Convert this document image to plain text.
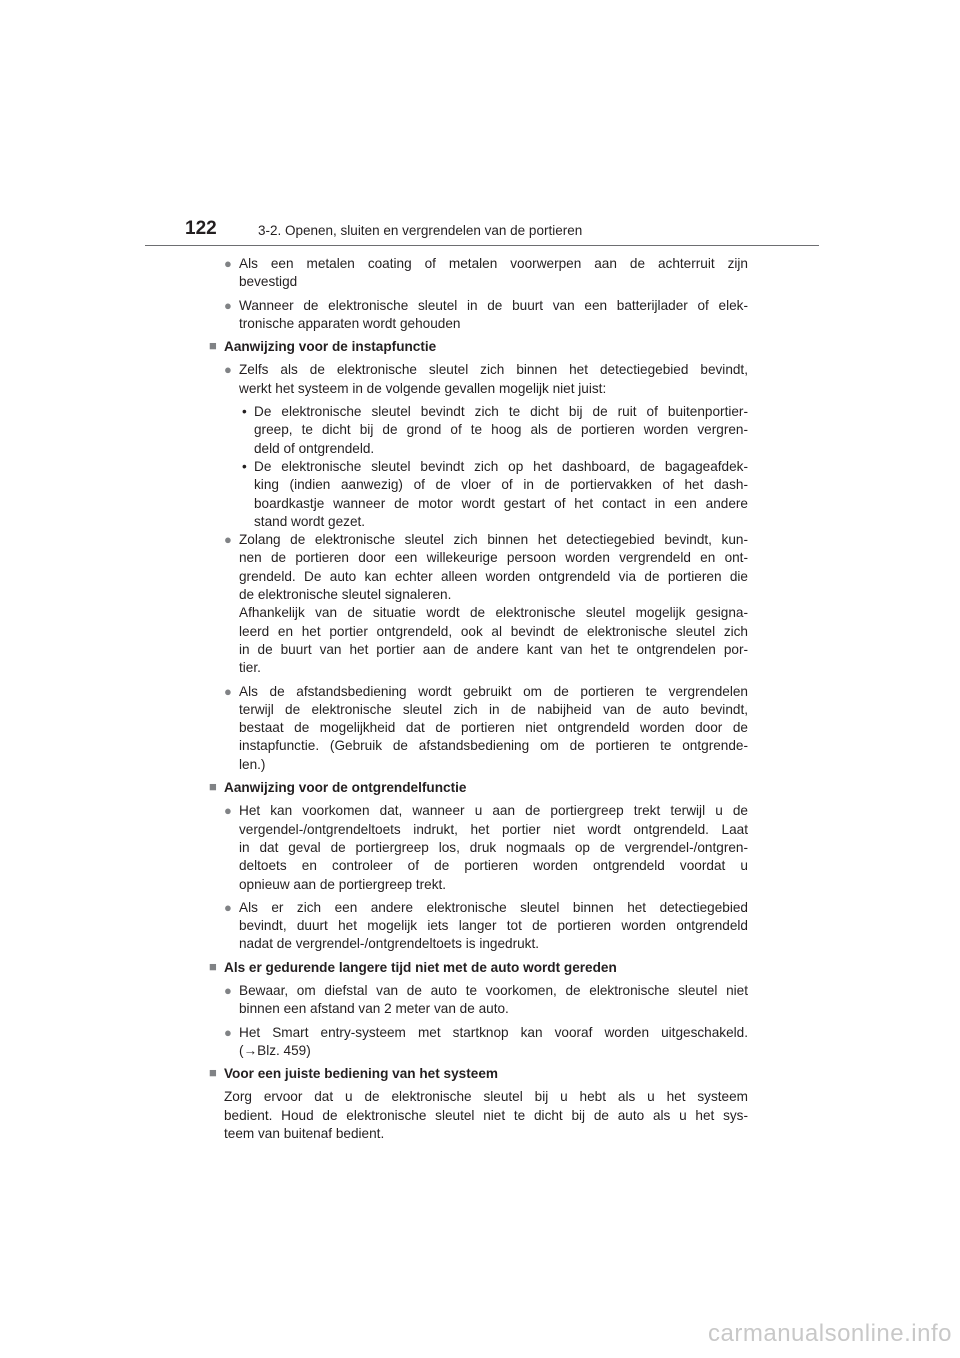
122	3-2. Openen, sluiten en vergrendelen van de portieren
● Als een metalen coating of metalen voorwerpen aan de achterruit zijn
bevestigd
● Wanneer de elektronische sleutel in de buurt van een batterijlader of elek-
tronische apparaten wordt gehouden
■ Aanwijzing voor de instapfunctie
● Zelfs als de elektronische sleutel zich binnen het detectiegebied bevindt,
werkt het systeem in de volgende gevallen mogelijk niet juist:
• De elektronische sleutel bevindt zich te dicht bij de ruit of buitenportier-
greep, te dicht bij de grond of te hoog als de portieren worden vergren-
deld of ontgrendeld.
• De elektronische sleutel bevindt zich op het dashboard, de bagageafdek-
king (indien aanwezig) of de vloer of in de portiervakken of het dash-
boardkastje wanneer de motor wordt gestart of het contact in een andere
stand wordt gezet.
● Zolang de elektronische sleutel zich binnen het detectiegebied bevindt, kun-
nen de portieren door een willekeurige persoon worden vergrendeld en ont-
grendeld. De auto kan echter alleen worden ontgrendeld via de portieren die
de elektronische sleutel signaleren.
Afhankelijk van de situatie wordt de elektronische sleutel mogelijk gesigna-
leerd en het portier ontgrendeld, ook al bevindt de elektronische sleutel zich
in de buurt van het portier aan de andere kant van het te ontgrendelen por-
tier.
● Als de afstandsbediening wordt gebruikt om de portieren te vergrendelen
terwijl de elektronische sleutel zich in de nabijheid van de auto bevindt,
bestaat de mogelijkheid dat de portieren niet ontgrendeld worden door de
instapfunctie. (Gebruik de afstandsbediening om de portieren te ontgrende-
len.)
■ Aanwijzing voor de ontgrendelfunctie
● Het kan voorkomen dat, wanneer u aan de portiergreep trekt terwijl u de
vergendel-/ontgrendeltoets indrukt, het portier niet wordt ontgrendeld. Laat
in dat geval de portiergreep los, druk nogmaals op de vergrendel-/ontgren-
deltoets en controleer of de portieren worden ontgrendeld voordat u
opnieuw aan de portiergreep trekt.
● Als er zich een andere elektronische sleutel binnen het detectiegebied
bevindt, duurt het mogelijk iets langer tot de portieren worden ontgrendeld
nadat de vergrendel-/ontgrendeltoets is ingedrukt.
■ Als er gedurende langere tijd niet met de auto wordt gereden
● Bewaar, om diefstal van de auto te voorkomen, de elektronische sleutel niet
binnen een afstand van 2 meter van de auto.
● Het Smart entry-systeem met startknop kan vooraf worden uitgeschakeld.
(→Blz. 459)
■ Voor een juiste bediening van het systeem
Zorg ervoor dat u de elektronische sleutel bij u hebt als u het systeem
bedient. Houd de elektronische sleutel niet te dicht bij de auto als u het sys-
teem van buitenaf bedient.
carmanualsonline.info
